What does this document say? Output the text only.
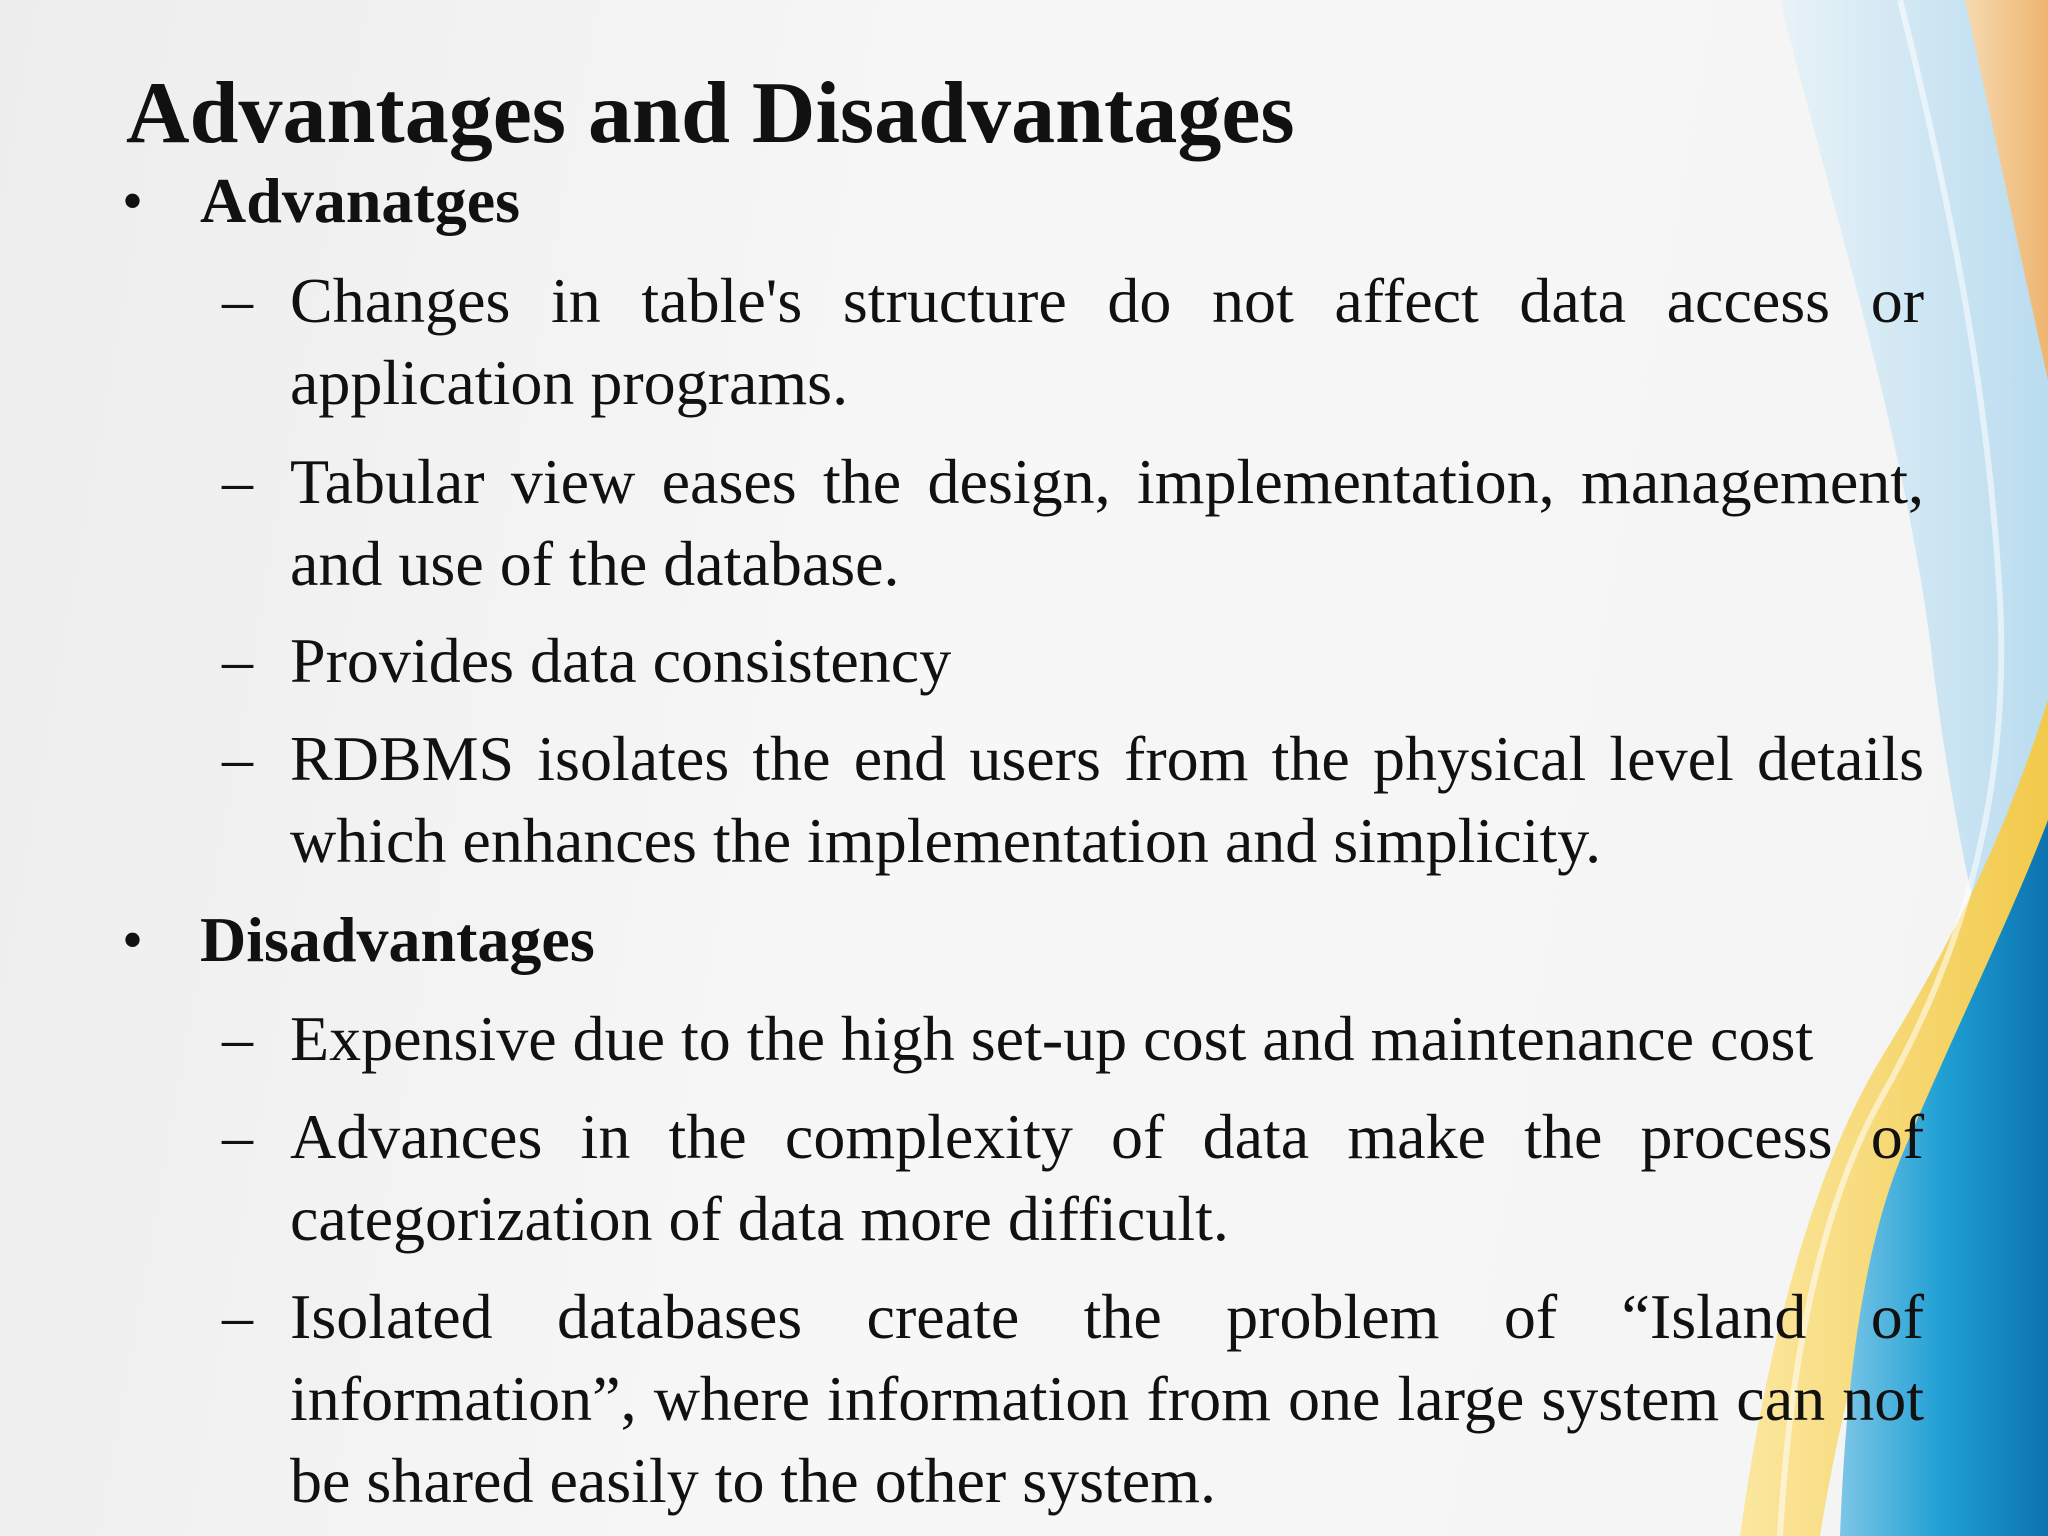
Advantages and Disadvantages
• Advanatges
– Changes in table's structure do not affect data access or application programs.

– Tabular view eases the design, implementation, management, and use of the database.

– Provides data consistency

– RDBMS isolates the end users from the physical level details which enhances the implementation and simplicity.

• Disadvantages
– Expensive due to the high set-up cost and maintenance cost

– Advances in the complexity of data make the process of categorization of data more difficult.

– Isolated databases create the problem of “Island of information”, where information from one large system can not be shared easily to the other system.
